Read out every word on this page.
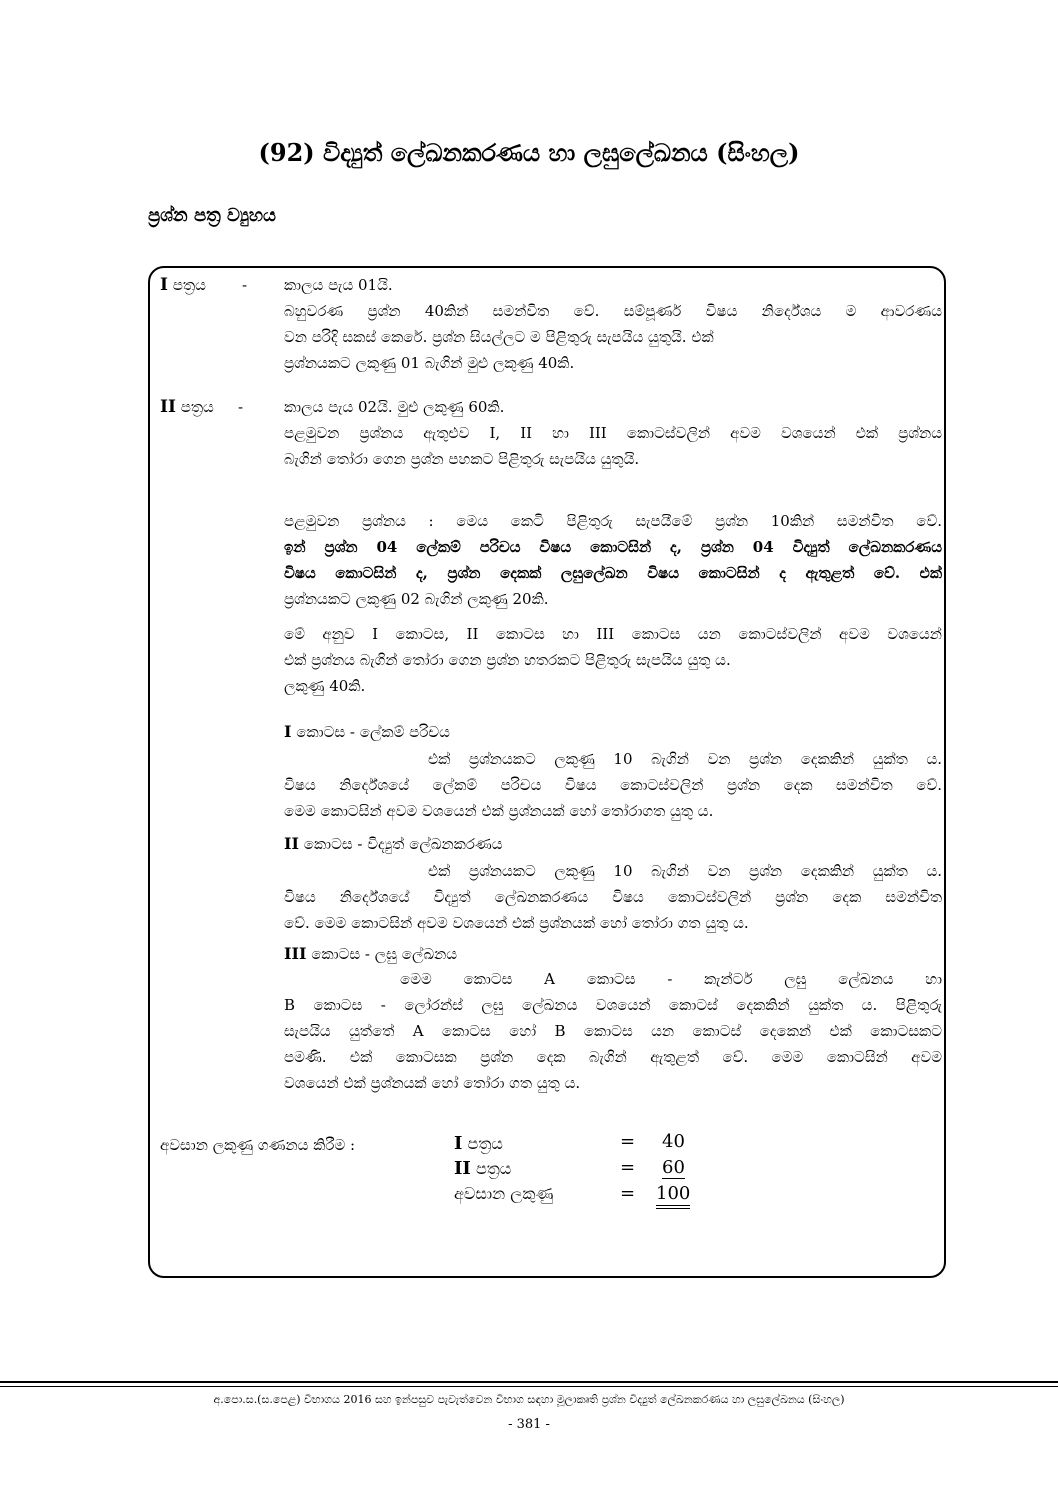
(92) විද්‍යුත් ලේඛනකරණය හා ලඝුලේඛනය (සිංහල)
ප්‍රශ්න පත්‍ර ව්‍යුහය
I පත්‍රය - කාලය පැය 01යි.
බහුවරණ ප්‍රශ්න 40කින් සමන්විත වේ. සම්පූර්ණ විෂය නිර්දේශය ම ආවරණය
වන පරිදි සකස් කෙරේ. ප්‍රශ්න සියල්ලට ම පිළිතුරු සැපයිය යුතුයි. එක්
ප්‍රශ්නයකට ලකුණු 01 බැගින් මුළු ලකුණු 40කි.
II පත්‍රය -	කාලය පැය 02යි. මුළු ලකුණු 60කි.
පළමුවන ප්‍රශ්නය ඇතුළුව I, II හා III කොටස්වලින් අවම වශයෙන් එක් ප්‍රශ්නය
බැගින් තෝරා ගෙන ප්‍රශ්න පහකට පිළිතුරු සැපයිය යුතුයි.
පළමුවන ප්‍රශ්නය : මෙය කෙටි පිළිතුරු සැපයීමේ ප්‍රශ්න 10කින් සමන්විත වේ.
ඉන් ප්‍රශ්න 04 ලේකම් පරිචය විෂය කොටසින් ද, ප්‍රශ්න 04 විද්‍යුත් ලේඛනකරණය
විෂය කොටසින් ද, ප්‍රශ්න දෙකක් ලඝුලේඛන විෂය කොටසින් ද ඇතුළත් වේ. එක්
ප්‍රශ්නයකට ලකුණු 02 බැගින් ලකුණු 20කි.
මේ අනුව I කොටස, II කොටස හා III කොටස යන කොටස්වලින් අවම වශයෙන්
එක් ප්‍රශ්නය බැගින් තෝරා ගෙන ප්‍රශ්න හතරකට පිළිතුරු සැපයිය යුතු ය.
ලකුණු 40කි.
I කොටස - ලේකම් පරිචය
එක් ප්‍රශ්නයකට ලකුණු 10 බැගින් වන ප්‍රශ්න දෙකකින් යුක්ත ය.
විෂය නිර්දේශයේ ලේකම් පරිචය විෂය කොටස්වලින් ප්‍රශ්න දෙක සමන්විත වේ.
මෙම කොටසින් අවම වශයෙන් එක් ප්‍රශ්නයක් හෝ තෝරාගත යුතු ය.
II කොටස - විද්‍යුත් ලේඛනකරණය
එක් ප්‍රශ්නයකට ලකුණු 10 බැගින් වන ප්‍රශ්න දෙකකින් යුක්ත ය.
විෂය නිර්දේශයේ විද්‍යුත් ලේඛනකරණය විෂය කොටස්වලින් ප්‍රශ්න දෙක සමන්විත
වේ. මෙම කොටසින් අවම වශයෙන් එක් ප්‍රශ්නයක් හෝ තෝරා ගත යුතු ය.
III කොටස - ලඝු ලේඛනය
මෙම කොටස A කොටස - කැන්ටර් ලඝු ලේඛනය හා
B කොටස - ලෝරන්ස් ලඝු ලේඛනය වශයෙන් කොටස් දෙකකින් යුක්ත ය. පිළිතුරු
සැපයිය යුත්තේ A කොටස හෝ B කොටස යන කොටස් දෙකෙන් එක් කොටසකට
පමණි. එක් කොටසක ප්‍රශ්න දෙක බැගින් ඇතුළත් වේ. මෙම කොටසින් අවම
වශයෙන් එක් ප්‍රශ්නයක් හෝ තෝරා ගත යුතු ය.
අවසාන ලකුණු ගණනය කිරීම :	I පත්‍රය	= 40
II පත්‍රය	= 60
අවසාන ලකුණු	= 100
අ.පො.ස.(ස.පෙළ) විභාගය 2016 සහ ඉන්පසුව පැවැත්වෙන විභාග සඳහා මූලාකෘති ප්‍රශ්න විද්‍යුත් ලේඛනකරණය හා ලඝුලේඛනය (සිංහල)
- 381 -
